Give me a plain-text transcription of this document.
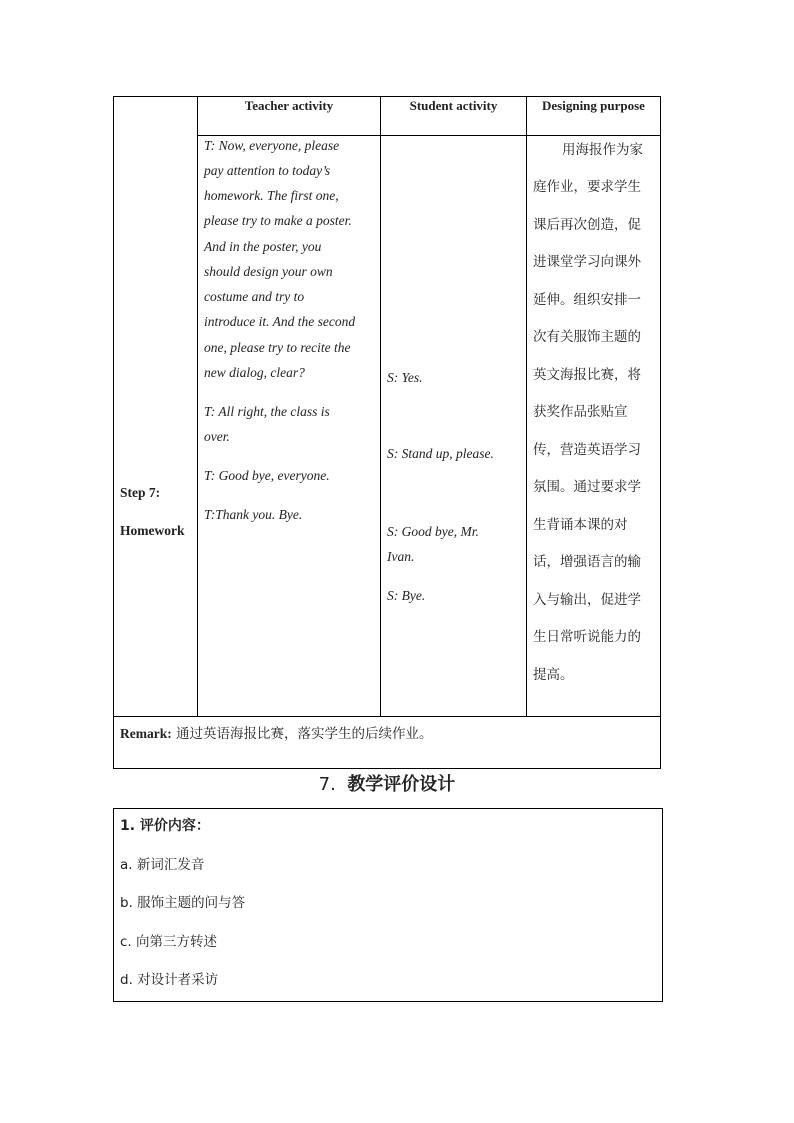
Teacher activity	Student activity	Designing purpose
Step 7:
Homework
T: Now, everyone, please
pay attention to today’s
homework. The first one,
please try to make a poster.
And in the poster, you
should design your own
costume and try to
introduce it. And the second
one, please try to recite the
new dialog, clear?
T: All right, the class is
over.
T: Good bye, everyone.
T:Thank you. Bye.
S: Yes.
S: Stand up, please.
S: Good bye, Mr.
Ivan.
S: Bye.
用海报作为家
庭作业，要求学生
课后再次创造，促
进课堂学习向课外
延伸。组织安排一
次有关服饰主题的
英文海报比赛，将
获奖作品张贴宣
传，营造英语学习
氛围。通过要求学
生背诵本课的对
话，增强语言的输
入与输出，促进学
生日常听说能力的
提高。
Remark: 通过英语海报比赛，落实学生的后续作业。
7. 教学评价设计
1. 评价内容：
a. 新词汇发音
b. 服饰主题的问与答
c. 向第三方转述
d. 对设计者采访
